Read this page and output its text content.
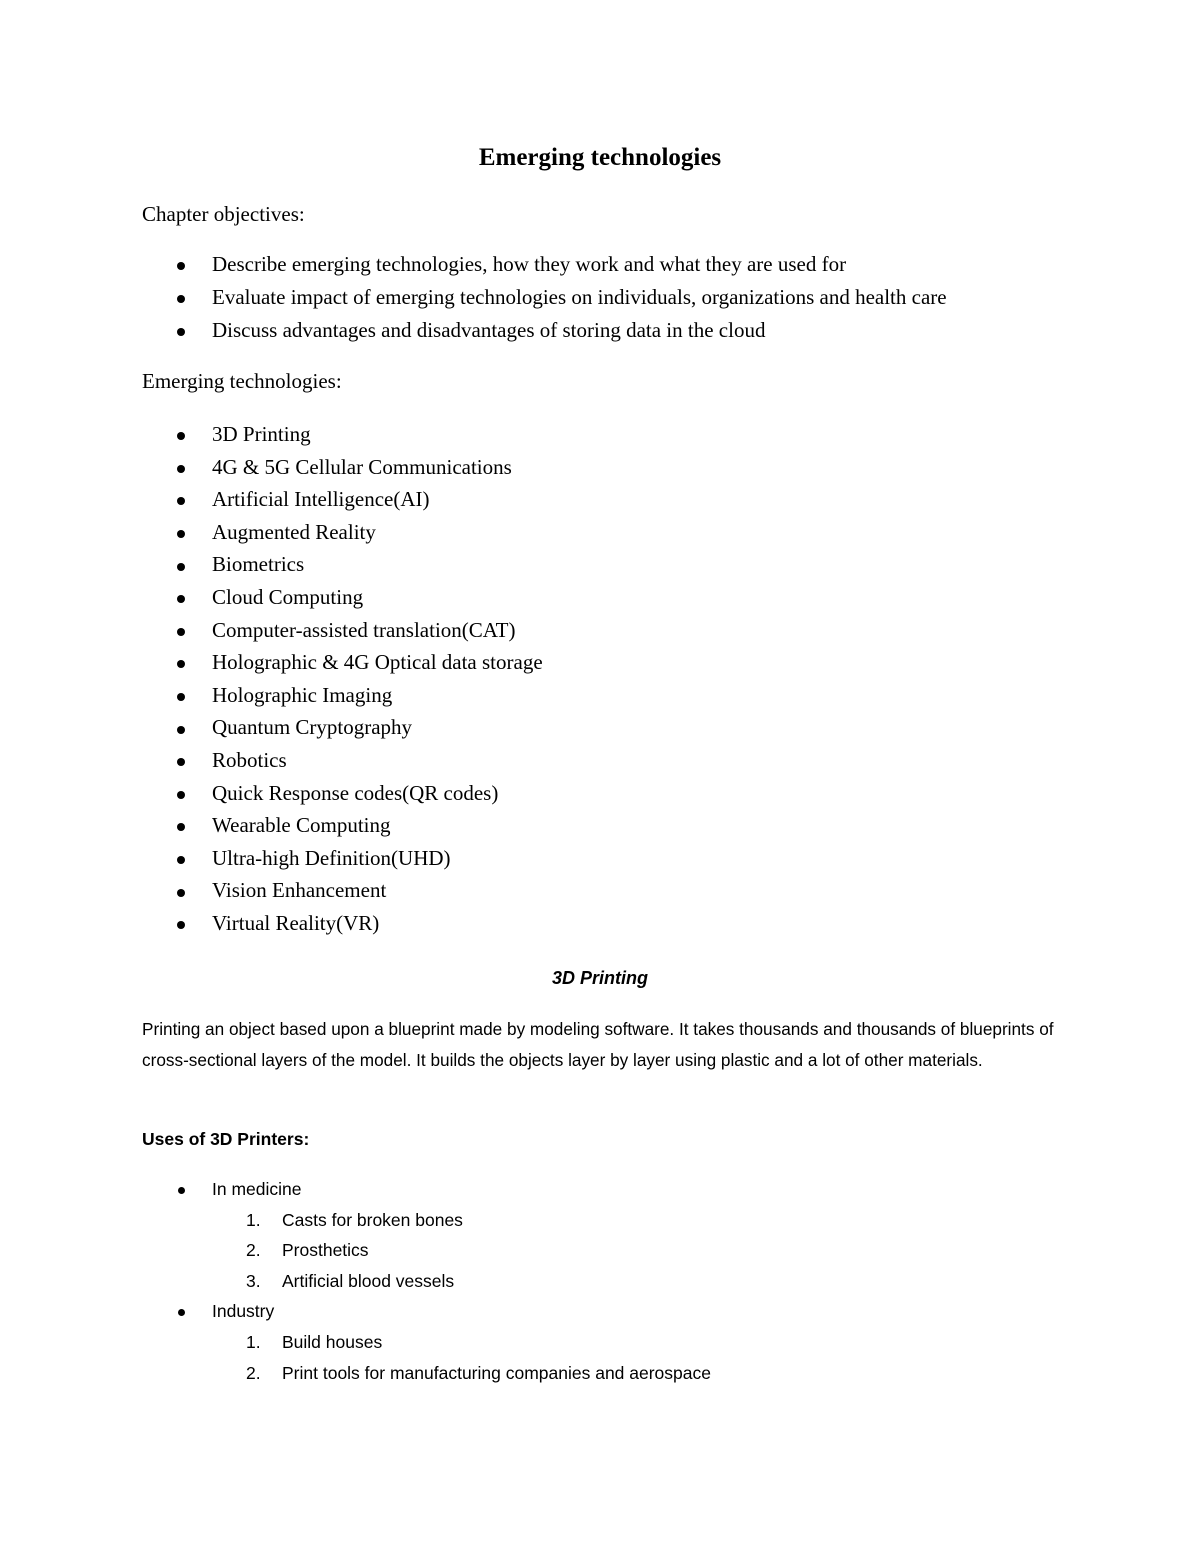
Emerging technologies

Chapter objectives:

Describe emerging technologies, how they work and what they are used for
Evaluate impact of emerging technologies on individuals, organizations and health care
Discuss advantages and disadvantages of storing data in the cloud

Emerging technologies:

3D Printing
4G & 5G Cellular Communications
Artificial Intelligence(AI)
Augmented Reality
Biometrics
Cloud Computing
Computer-assisted translation(CAT)
Holographic & 4G Optical data storage
Holographic Imaging
Quantum Cryptography
Robotics
Quick Response codes(QR codes)
Wearable Computing
Ultra-high Definition(UHD)
Vision Enhancement
Virtual Reality(VR)
3D Printing

Printing an object based upon a blueprint made by modeling software. It takes thousands and thousands of blueprints of cross-sectional layers of the model. It builds the objects layer by layer using plastic and a lot of other materials.

Uses of 3D Printers:

In medicine
1. Casts for broken bones
2. Prosthetics
3. Artificial blood vessels
Industry
1. Build houses
2. Print tools for manufacturing companies and aerospace
